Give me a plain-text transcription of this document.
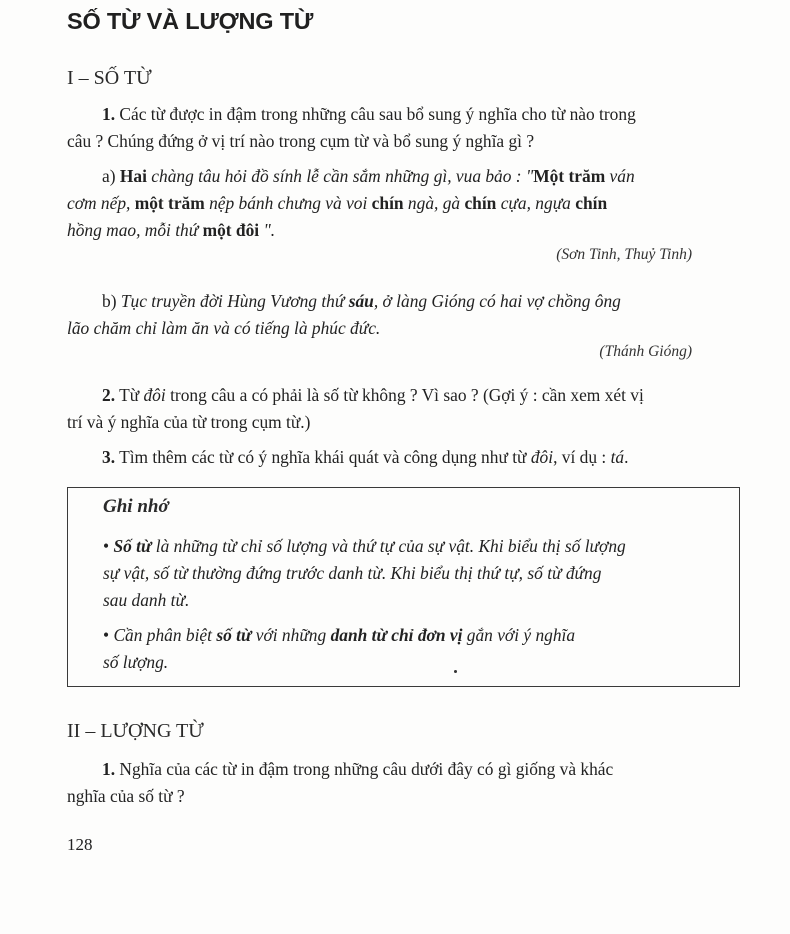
SỐ TỪ VÀ LƯỢNG TỪ
I – SỐ TỪ

1. Các từ được in đậm trong những câu sau bổ sung ý nghĩa cho từ nào trong

câu ? Chúng đứng ở vị trí nào trong cụm từ và bổ sung ý nghĩa gì ?

a) Hai chàng tâu hỏi đồ sính lễ cần sắm những gì, vua bảo : "Một trăm ván

cơm nếp, một trăm nệp bánh chưng và voi chín ngà, gà chín cựa, ngựa chín

hồng mao, mỗi thứ một đôi ".

(Sơn Tinh, Thuỷ Tinh)

b) Tục truyền đời Hùng Vương thứ sáu, ở làng Gióng có hai vợ chồng ông

lão chăm chỉ làm ăn và có tiếng là phúc đức.

(Thánh Gióng)

2. Từ đôi trong câu a có phải là số từ không ? Vì sao ? (Gợi ý : cần xem xét vị

trí và ý nghĩa của từ trong cụm từ.)

3. Tìm thêm các từ có ý nghĩa khái quát và công dụng như từ đôi, ví dụ : tá.

Ghi nhớ

• Số từ là những từ chỉ số lượng và thứ tự của sự vật. Khi biểu thị số lượng

sự vật, số từ thường đứng trước danh từ. Khi biểu thị thứ tự, số từ đứng

sau danh từ.

• Cần phân biệt số từ với những danh từ chỉ đơn vị gắn với ý nghĩa

số lượng.

II – LƯỢNG TỪ

1. Nghĩa của các từ in đậm trong những câu dưới đây có gì giống và khác

nghĩa của số từ ?

128
